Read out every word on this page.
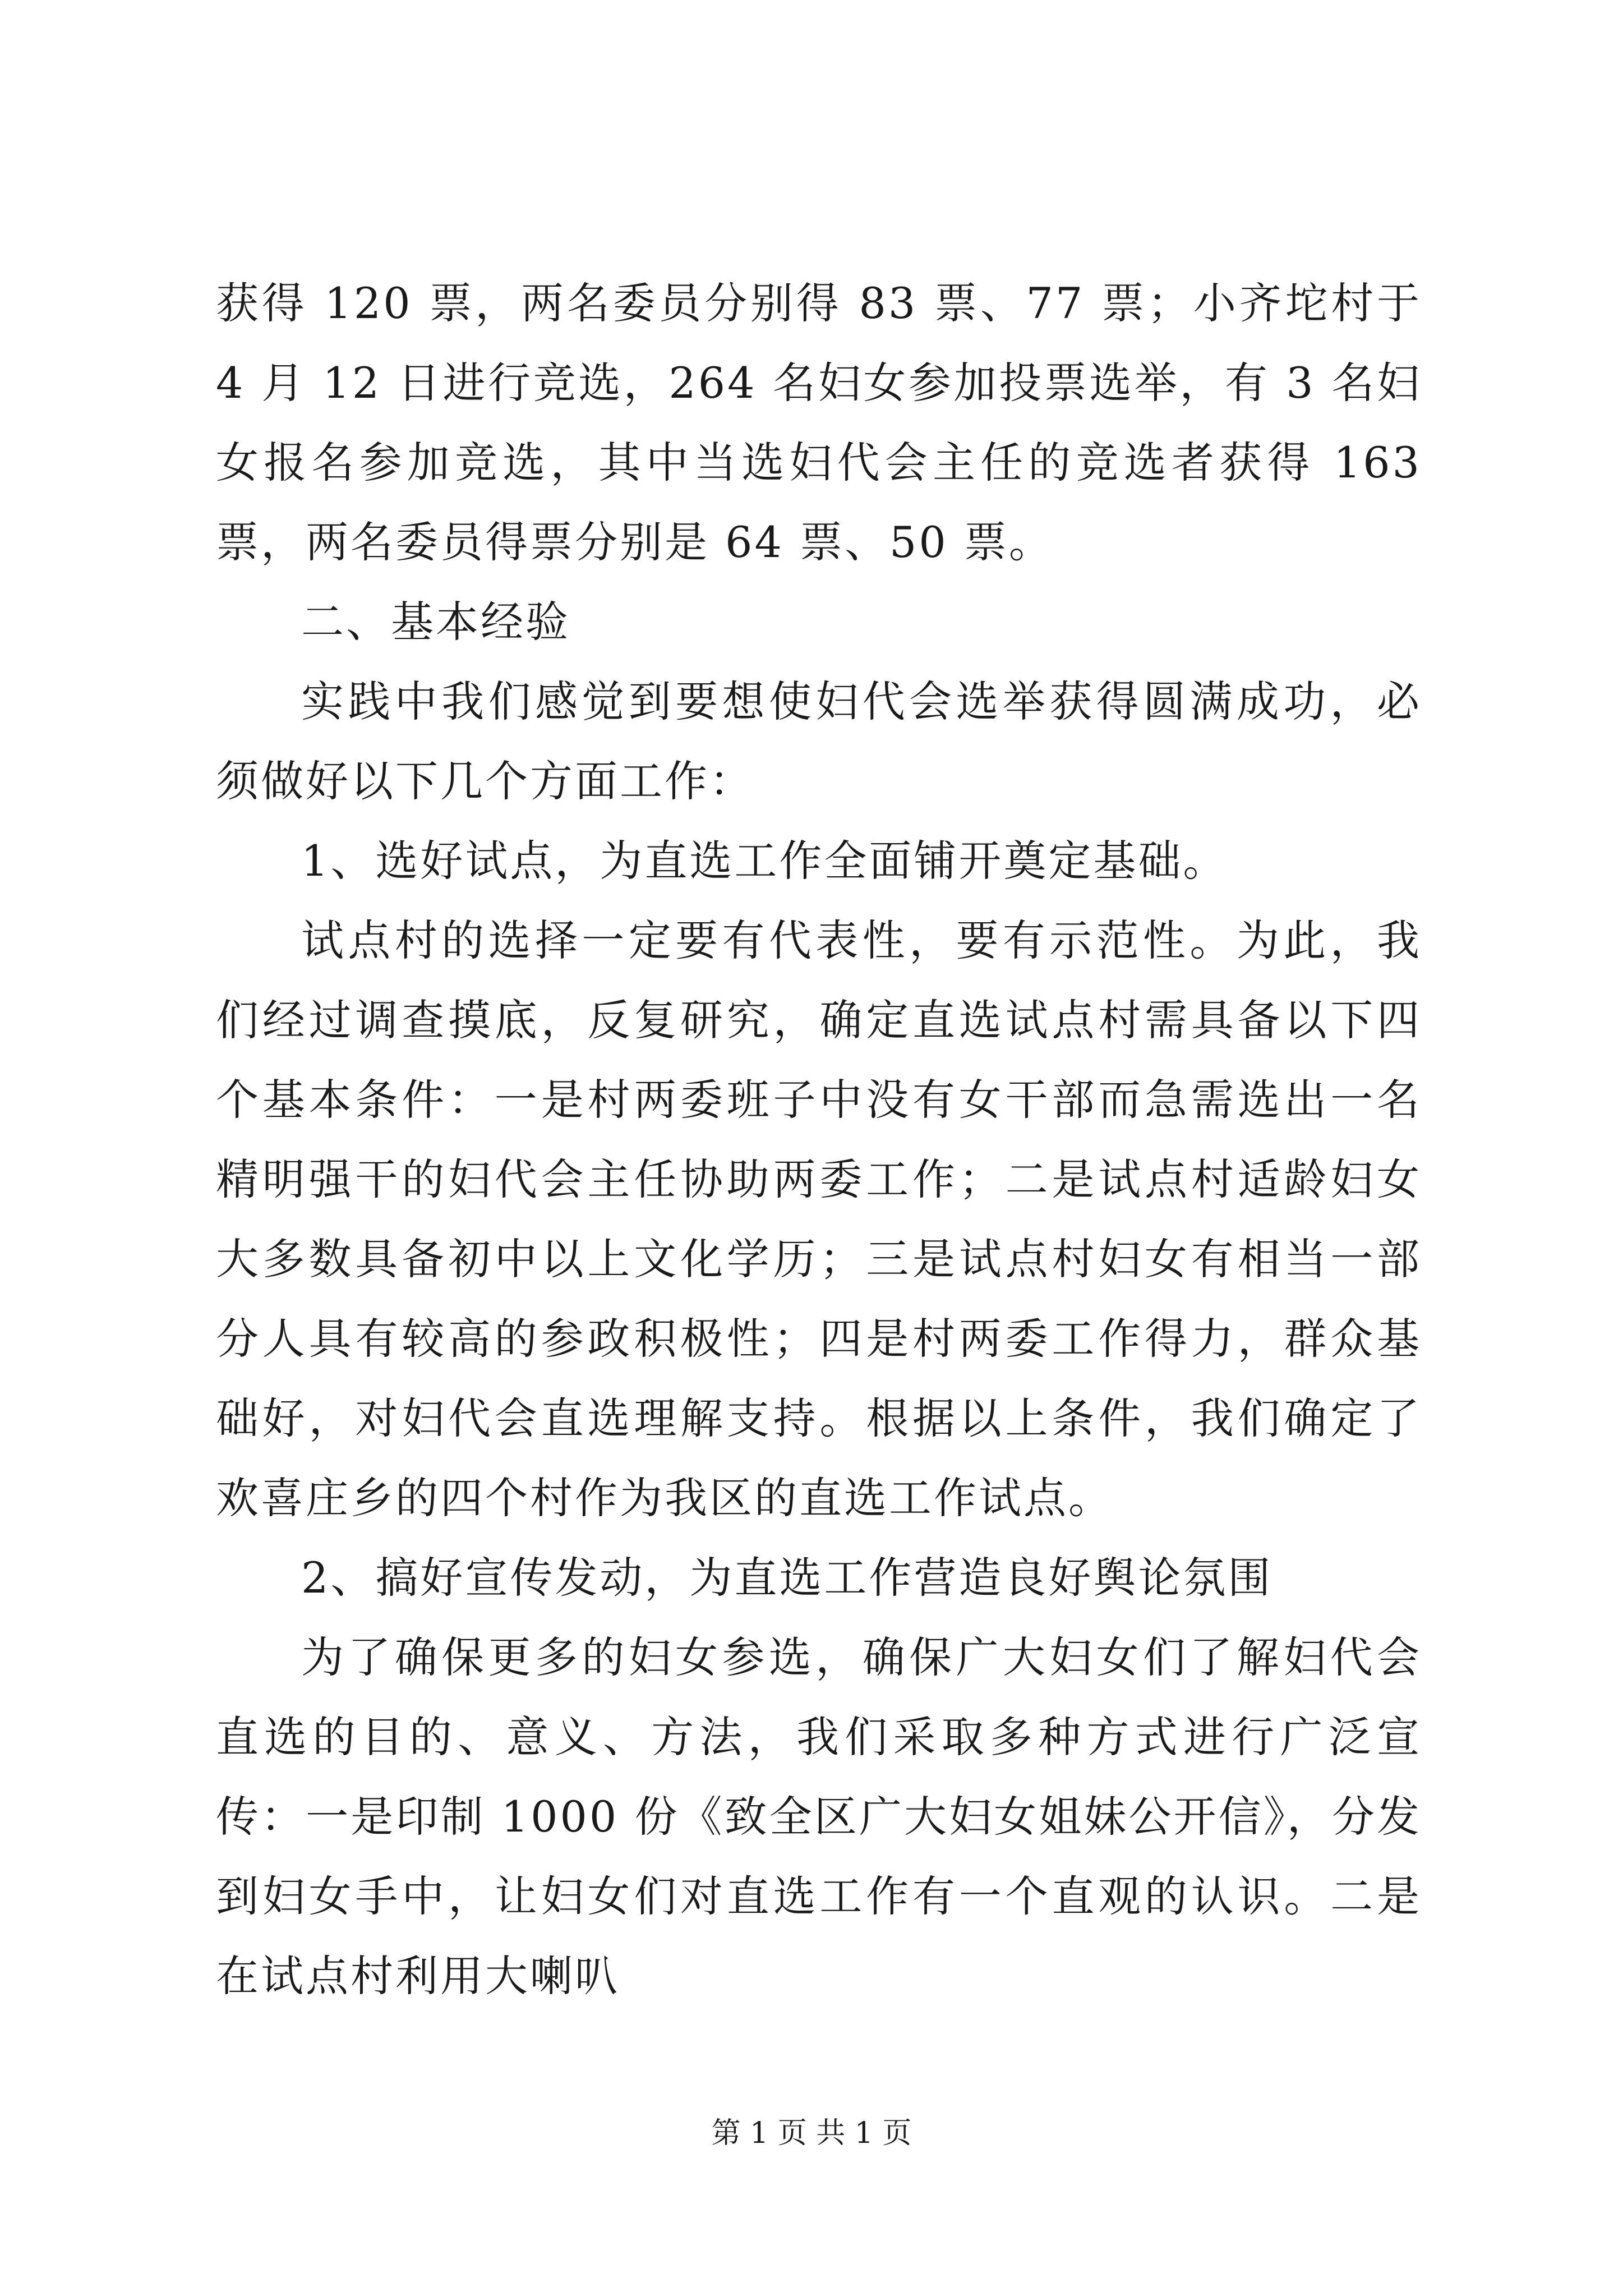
获得 120 票，两名委员分别得 83 票、77 票；小齐坨村于 4 月 12 日进行竞选，264 名妇女参加投票选举，有 3 名妇女报名参加竞选，其中当选妇代会主任的竞选者获得 163 票，两名委员得票分别是 64 票、50 票。

二、基本经验

实践中我们感觉到要想使妇代会选举获得圆满成功，必须做好以下几个方面工作：

1、选好试点，为直选工作全面铺开奠定基础。

试点村的选择一定要有代表性，要有示范性。为此，我们经过调查摸底，反复研究，确定直选试点村需具备以下四个基本条件：一是村两委班子中没有女干部而急需选出一名精明强干的妇代会主任协助两委工作；二是试点村适龄妇女大多数具备初中以上文化学历；三是试点村妇女有相当一部分人具有较高的参政积极性；四是村两委工作得力，群众基础好，对妇代会直选理解支持。根据以上条件，我们确定了欢喜庄乡的四个村作为我区的直选工作试点。

2、搞好宣传发动，为直选工作营造良好舆论氛围

为了确保更多的妇女参选，确保广大妇女们了解妇代会直选的目的、意义、方法，我们采取多种方式进行广泛宣传：一是印制 1000 份《致全区广大妇女姐妹公开信》，分发到妇女手中，让妇女们对直选工作有一个直观的认识。二是在试点村利用大喇叭

第 1 页 共 1 页
